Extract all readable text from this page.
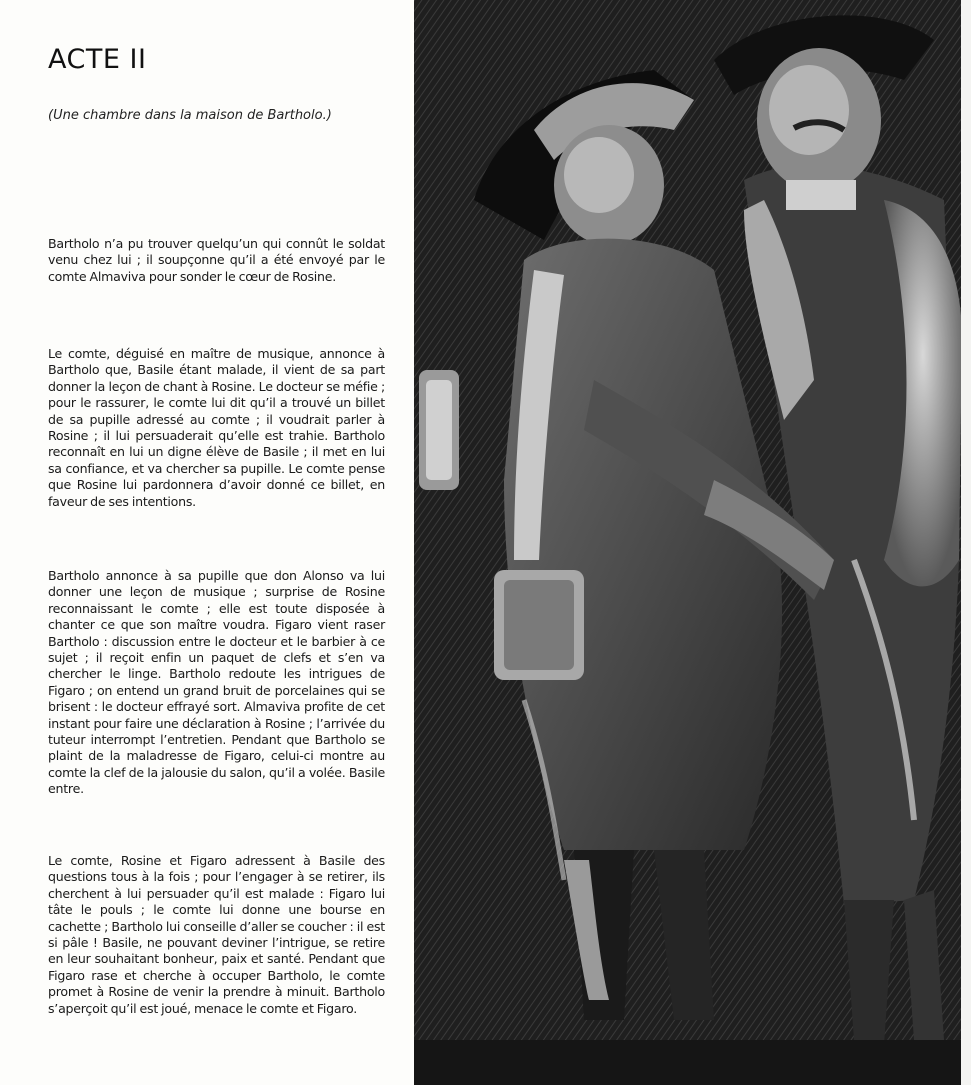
ACTE II

(Une chambre dans la maison de Bartholo.)

Bartholo n’a pu trouver quelqu’un qui connût le soldat venu chez lui ; il soupçonne qu’il a été envoyé par le comte Almaviva pour sonder le cœur de Rosine.

Le comte, déguisé en maître de musique, annonce à Bartholo que, Basile étant malade, il vient de sa part donner la leçon de chant à Rosine. Le docteur se méfie ; pour le rassurer, le comte lui dit qu’il a trouvé un billet de sa pupille adressé au comte ; il voudrait parler à Rosine ; il lui persuaderait qu’elle est trahie. Bartholo reconnaît en lui un digne élève de Basile ; il met en lui sa confiance, et va chercher sa pupille. Le comte pense que Rosine lui pardonnera d’avoir donné ce billet, en faveur de ses intentions.

Bartholo annonce à sa pupille que don Alonso va lui donner une leçon de musique ; surprise de Rosine reconnaissant le comte ; elle est toute disposée à chanter ce que son maître voudra. Figaro vient raser Bartholo : discussion entre le docteur et le barbier à ce sujet ; il reçoit enfin un paquet de clefs et s’en va chercher le linge. Bartholo redoute les intrigues de Figaro ; on entend un grand bruit de porcelaines qui se brisent : le docteur effrayé sort. Almaviva profite de cet instant pour faire une déclaration à Rosine ; l’arrivée du tuteur interrompt l’entretien. Pendant que Bartholo se plaint de la maladresse de Figaro, celui-ci montre au comte la clef de la jalousie du salon, qu’il a volée. Basile entre.

Le comte, Rosine et Figaro adressent à Basile des questions tous à la fois ; pour l’engager à se retirer, ils cherchent à lui persuader qu’il est malade : Figaro lui tâte le pouls ; le comte lui donne une bourse en cachette ; Bartholo lui conseille d’aller se coucher : il est si pâle ! Basile, ne pouvant deviner l’intrigue, se retire en leur souhaitant bonheur, paix et santé. Pendant que Figaro rase et cherche à occuper Bartholo, le comte promet à Rosine de venir la prendre à minuit. Bartholo s’aperçoit qu’il est joué, menace le comte et Figaro.
